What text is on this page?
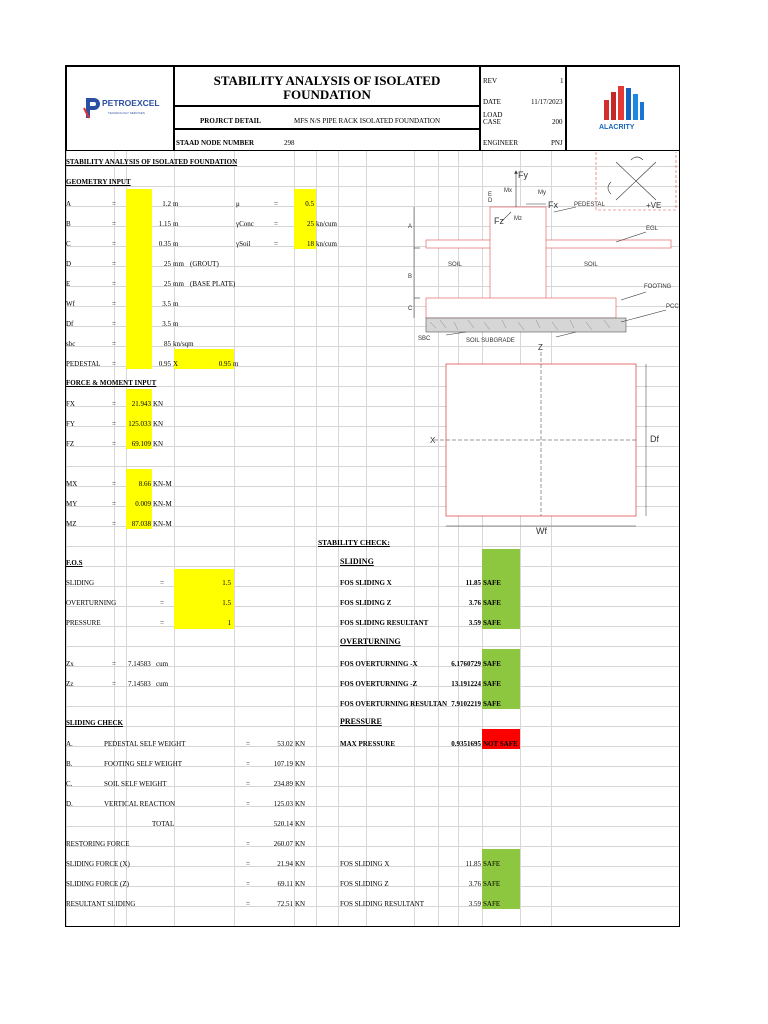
STABILITY ANALYSIS OF ISOLATED FOUNDATION
PETROEXCEL
TECHNOLOGY SERVICES
ALACRITY
PROJRCT DETAIL	MFS N/S PIPE RACK ISOLATED FOUNDATION
STAAD NODE NUMBER	298
REV	1
DATE	11/17/2023
LOAD
CASE	200
ENGINEER	PNJ
STABILITY ANALYSIS OF ISOLATED FOUNDATION
GEOMETRY INPUT
A	=	1.2 m
B	=	1.15 m
C	=	0.35 m
D	=	25 mm (GROUT)
E	=	25 mm (BASE PLATE)
Wf	=	3.5 m
Df	=	3.5 m
sbc	=	85 kn/sqm
PEDESTAL =	0.95 X	0.95 m
μ	=	0.5
γConc	=	25 kn/cum
γSoil	=	18 kn/cum
FORCE & MOMENT INPUT
FX	=	21.943 KN
FY	=	125.033 KN
FZ	=	69.109 KN
MX	=	8.66 KN-M
MY	=	0.009 KN-M
MZ	=	87.038 KN-M
STABILITY CHECK:
F.O.S
SLIDING	=	1.5
OVERTURNING	=	1.5
PRESSURE	=	1
Zx	= 7.14583 cum
Zz	= 7.14583 cum
SLIDING
FOS SLIDING X	11.85 SAFE
FOS SLIDING Z	3.76 SAFE
FOS SLIDING RESULTANT	3.59 SAFE
OVERTURNING
FOS OVERTURNING -X	6.1760729 SAFE
FOS OVERTURNING -Z	13.191224 SAFE
FOS OVERTURNING RESULTAN 7.9102219 SAFE
PRESSURE
MAX PRESSURE	0.9351695 NOT SAFE
SLIDING CHECK
A.	PEDESTAL SELF WEIGHT	=	53.02 KN
B.	FOOTING SELF WEIGHT	=	107.19 KN
C.	SOIL SELF WEIGHT	=	234.89 KN
D.	VERTICAL REACTION	=	125.03 KN
TOTAL	520.14 KN
RESTORING FORCE	=	260.07 KN
SLIDING FORCE (X)	=	21.94 KN	FOS SLIDING X	11.85 SAFE
SLIDING FORCE (Z)	=	69.11 KN	FOS SLIDING Z	3.76 SAFE
RESULTANT SLIDING	=	72.51 KN	FOS SLIDING RESULTANT	3.59 SAFE
Fy
Fx
Fz
Mx	My
Mz
A
B
C
D
E
PEDESTAL
EGL
SOIL	SOIL
FOOTING
PCC
SBC	SOIL SUBGRADE
+VE
Z
X	Df
Wf
